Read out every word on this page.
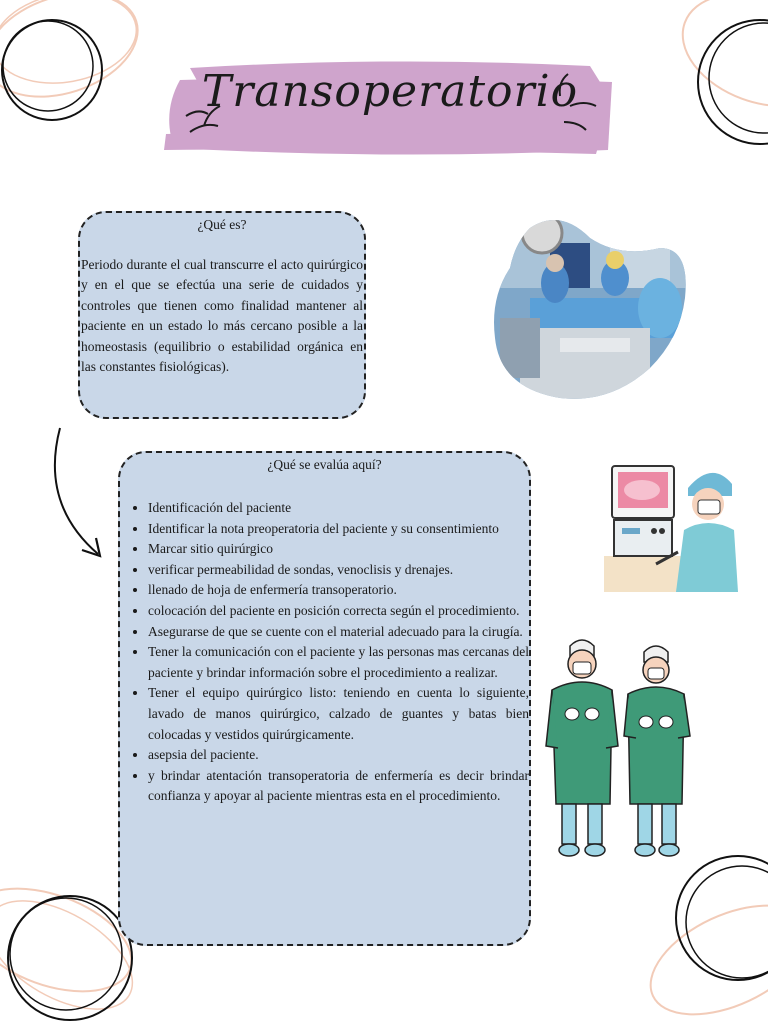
Transoperatorio
¿Qué es?
Periodo durante el cual transcurre el acto quirúrgico y en el que se efectúa una serie de cuidados y controles que tienen como finalidad mantener al paciente en un estado lo más cercano posible a la homeostasis (equilibrio o estabilidad orgánica en las constantes fisiológicas).
¿Qué se evalúa aquí?
• Identificación del paciente
• Identificar la nota preoperatoria del paciente y su consentimiento
• Marcar sitio quirúrgico
• verificar permeabilidad de sondas, venoclisis y drenajes.
• llenado de hoja de enfermería transoperatorio.
• colocación del paciente en posición correcta según el procedimiento.
• Asegurarse de que se cuente con el material adecuado para la cirugía.
• Tener la comunicación con el paciente y las personas mas cercanas del paciente y brindar información sobre el procedimiento a realizar.
• Tener el equipo quirúrgico listo: teniendo en cuenta lo siguiente, lavado de manos quirúrgico, calzado de guantes y batas bien colocadas y vestidos quirúrgicamente.
• asepsia del paciente.
• y brindar atentación transoperatoria de enfermería es decir brindar confianza y apoyar al paciente mientras esta en el procedimiento.
